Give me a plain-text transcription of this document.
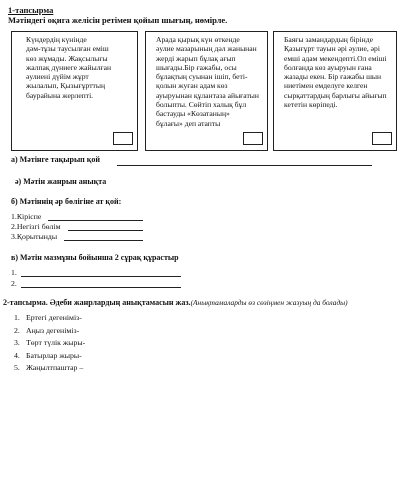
1-тапсырма
Мәтіндегі оқига желісін ретімен қойып шығың, нөмірле.

Күндердің күнінде

дәм-тұзы таусылған еміш

көз жұмады. Жақсылығы

жалпақ дүниеге жайылған

әулиені дүйім жұрт

жылалып, Қызығұрттың

баурайына жерлепті.

Арада қырық күн өткенде

әулие мазарының дәл жанынан

жерді жарып бұлақ ағып

шығады.Бір ғажабы, осы

бұлақтың суынан ішіп, беті-

қолын жуған адам көз

ауыруынан құлантаза айығатын

болыпты. Сөйтіп халық бұл

бастауды «Көзатаның»

бұлағы» деп атапты

Баяғы замандардың бірінде

Қазығұрт тауын әрі әулие, әрі

емші адам мекендепті.Ол еміші

болғанда көз ауыруын ғана

жазады екен. Бір ғажабы шын

ниетімен емделуге келген

сырқаттардың барлығы айығып

кететін көріпеді.

а) Мәтінге тақырып қой
ә) Мәтін жанрын анықта
б) Мәтіннің әр бөлігіне ат қой:
1.Кіріспе
2.Негізгі бөлім
3.Қорытынды
в) Мәтін мазмұны бойынша 2 сұрақ құрастыр
1.
2.
2-тапсырма. Әдеби жанрлардың анықтамасын жаз.(Анықтамаларды өз сөзіңмен жазуың да болады)
1. Ертегі дегеніміз-
2. Аңыз дегеніміз-
3. Төрт түлік жыры-
4. Батырлар жыры-
5. Жаңылтпаштар –
